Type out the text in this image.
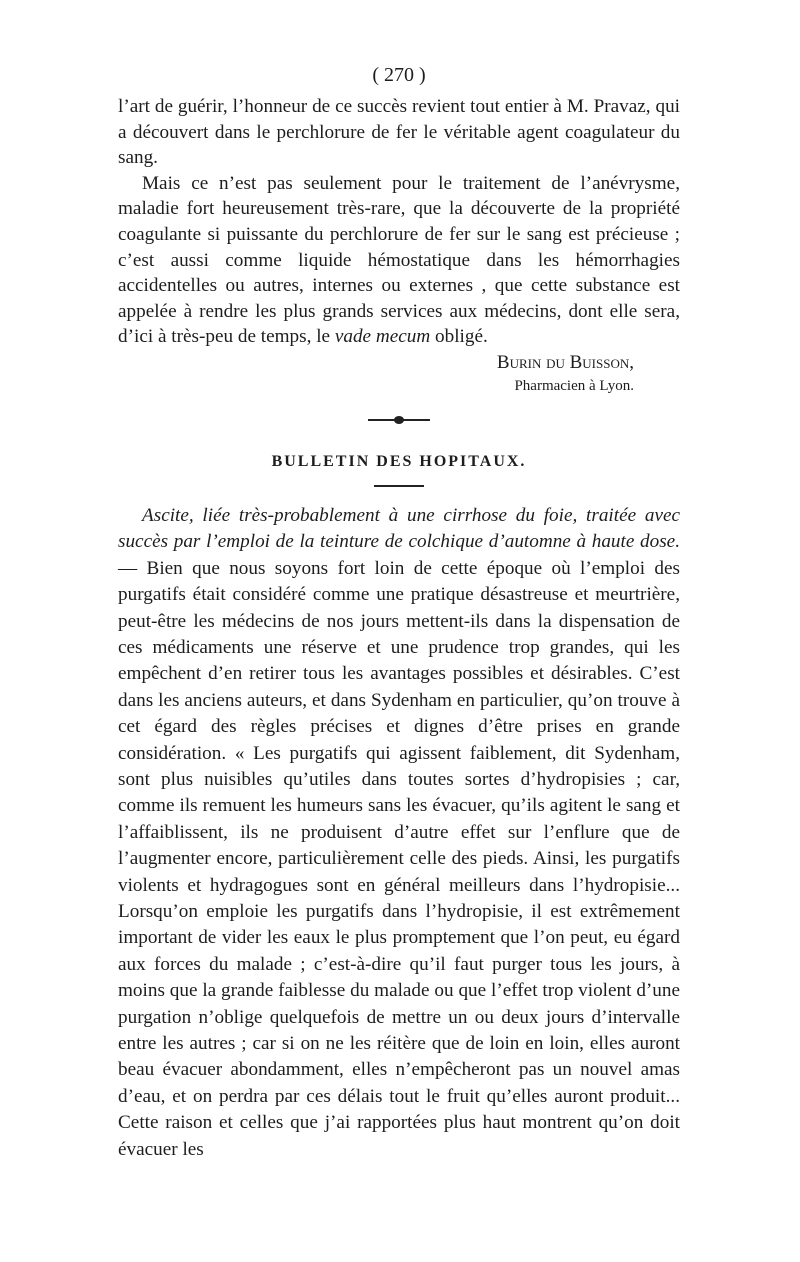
( 270 )

l’art de guérir, l’honneur de ce succès revient tout entier à M. Pravaz, qui a découvert dans le perchlorure de fer le véritable agent coagulateur du sang.

Mais ce n’est pas seulement pour le traitement de l’anévrysme, maladie fort heureusement très-rare, que la découverte de la propriété coagulante si puissante du perchlorure de fer sur le sang est précieuse ; c’est aussi comme liquide hémostatique dans les hémorrhagies accidentelles ou autres, internes ou externes , que cette substance est appelée à rendre les plus grands services aux médecins, dont elle sera, d’ici à très-peu de temps, le vade mecum obligé.

Burin du Buisson,
Pharmacien à Lyon.
BULLETIN DES HOPITAUX.

Ascite, liée très-probablement à une cirrhose du foie, traitée avec succès par l’emploi de la teinture de colchique d’automne à haute dose.— Bien que nous soyons fort loin de cette époque où l’emploi des purgatifs était considéré comme une pratique désastreuse et meurtrière, peut-être les médecins de nos jours mettent-ils dans la dispensation de ces médicaments une réserve et une prudence trop grandes, qui les empêchent d’en retirer tous les avantages possibles et désirables. C’est dans les anciens auteurs, et dans Sydenham en particulier, qu’on trouve à cet égard des règles précises et dignes d’être prises en grande considération. « Les purgatifs qui agissent faiblement, dit Sydenham, sont plus nuisibles qu’utiles dans toutes sortes d’hydropisies ; car, comme ils remuent les humeurs sans les évacuer, qu’ils agitent le sang et l’affaiblissent, ils ne produisent d’autre effet sur l’enflure que de l’augmenter encore, particulièrement celle des pieds. Ainsi, les purgatifs violents et hydragogues sont en général meilleurs dans l’hydropisie... Lorsqu’on emploie les purgatifs dans l’hydropisie, il est extrêmement important de vider les eaux le plus promptement que l’on peut, eu égard aux forces du malade ; c’est-à-dire qu’il faut purger tous les jours, à moins que la grande faiblesse du malade ou que l’effet trop violent d’une purgation n’oblige quelquefois de mettre un ou deux jours d’intervalle entre les autres ; car si on ne les réitère que de loin en loin, elles auront beau évacuer abondamment, elles n’empêcheront pas un nouvel amas d’eau, et on perdra par ces délais tout le fruit qu’elles auront produit... Cette raison et celles que j’ai rapportées plus haut montrent qu’on doit évacuer les
